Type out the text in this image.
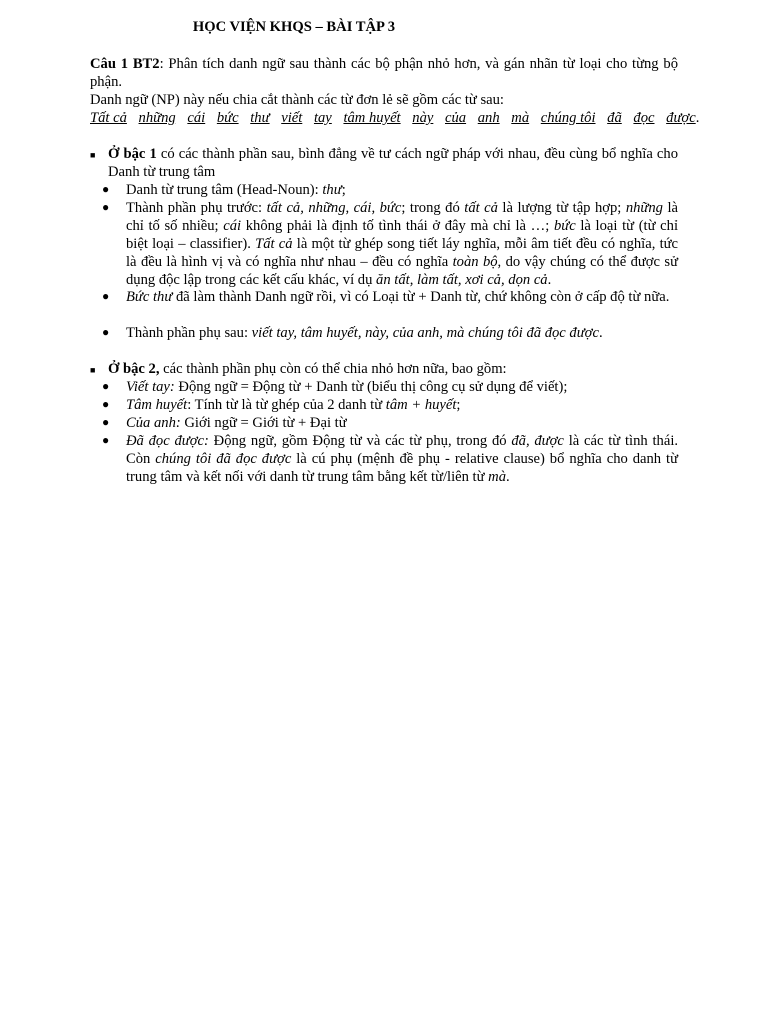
HỌC VIỆN KHQS – BÀI TẬP 3
Câu 1 BT2: Phân tích danh ngữ sau thành các bộ phận nhỏ hơn, và gán nhãn từ loại cho từng bộ phận.
Danh ngữ (NP) này nếu chia cắt thành các từ đơn lẻ sẽ gồm các từ sau:
Tất cả những cái bức thư viết tay tâm huyết này của anh mà chúng tôi đã đọc được.
■ Ở bậc 1 có các thành phần sau, bình đẳng về tư cách ngữ pháp với nhau, đều cùng bổ nghĩa cho Danh từ trung tâm
● Danh từ trung tâm (Head-Noun): thư;
● Thành phần phụ trước: tất cả, những, cái, bức; trong đó tất cả là lượng từ tập hợp; những là chỉ tố số nhiều; cái không phải là định tố tình thái ở đây mà chỉ là …; bức là loại từ (từ chỉ biệt loại – classifier). Tất cả là một từ ghép song tiết láy nghĩa, mỗi âm tiết đều có nghĩa, tức là đều là hình vị và có nghĩa như nhau – đều có nghĩa toàn bộ, do vậy chúng có thể được sử dụng độc lập trong các kết cấu khác, ví dụ ăn tất, làm tất, xơi cả, dọn cả.
● Bức thư đã làm thành Danh ngữ rồi, vì có Loại từ + Danh từ, chứ không còn ở cấp độ từ nữa.
● Thành phần phụ sau: viết tay, tâm huyết, này, của anh, mà chúng tôi đã đọc được.
■ Ở bậc 2, các thành phần phụ còn có thể chia nhỏ hơn nữa, bao gồm:
● Viết tay: Động ngữ = Động từ + Danh từ (biểu thị công cụ sử dụng để viết);
● Tâm huyết: Tính từ là từ ghép của 2 danh từ tâm + huyết;
● Của anh: Giới ngữ = Giới từ + Đại từ
● Đã đọc được: Động ngữ, gồm Động từ và các từ phụ, trong đó đã, được là các từ tình thái. Còn chúng tôi đã đọc được là cú phụ (mệnh đề phụ - relative clause) bổ nghĩa cho danh từ trung tâm và kết nối với danh từ trung tâm bằng kết từ/liên từ mà.
